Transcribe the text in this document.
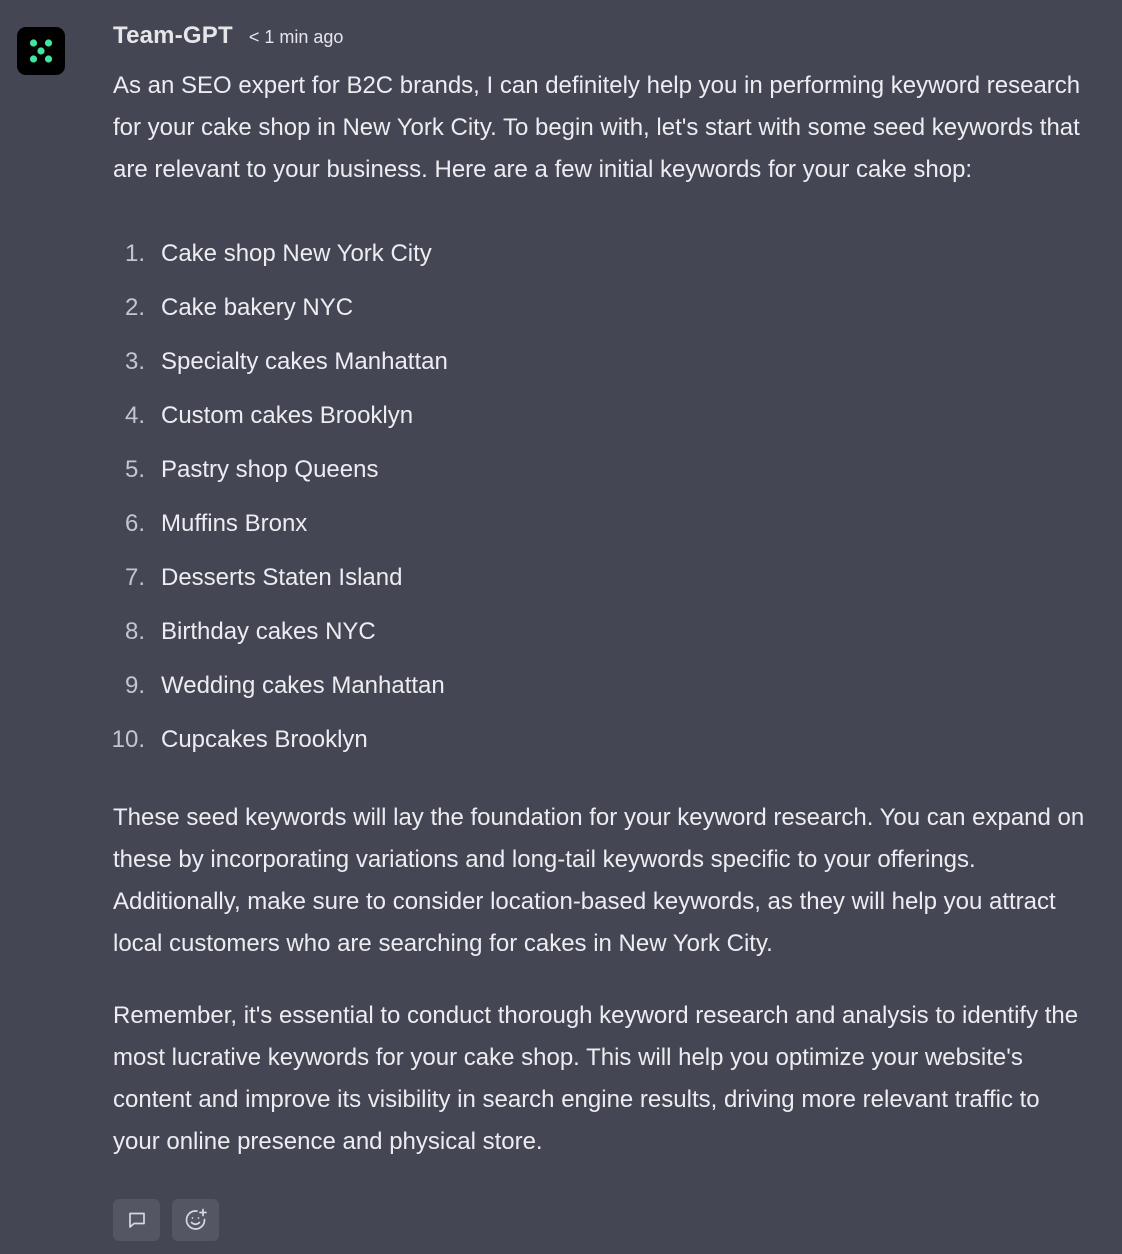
Team-GPT < 1 min ago

As an SEO expert for B2C brands, I can definitely help you in performing keyword research for your cake shop in New York City. To begin with, let's start with some seed keywords that are relevant to your business. Here are a few initial keywords for your cake shop:

1. Cake shop New York City
2. Cake bakery NYC
3. Specialty cakes Manhattan
4. Custom cakes Brooklyn
5. Pastry shop Queens
6. Muffins Bronx
7. Desserts Staten Island
8. Birthday cakes NYC
9. Wedding cakes Manhattan
10. Cupcakes Brooklyn

These seed keywords will lay the foundation for your keyword research. You can expand on these by incorporating variations and long-tail keywords specific to your offerings. Additionally, make sure to consider location-based keywords, as they will help you attract local customers who are searching for cakes in New York City.

Remember, it's essential to conduct thorough keyword research and analysis to identify the most lucrative keywords for your cake shop. This will help you optimize your website's content and improve its visibility in search engine results, driving more relevant traffic to your online presence and physical store.
